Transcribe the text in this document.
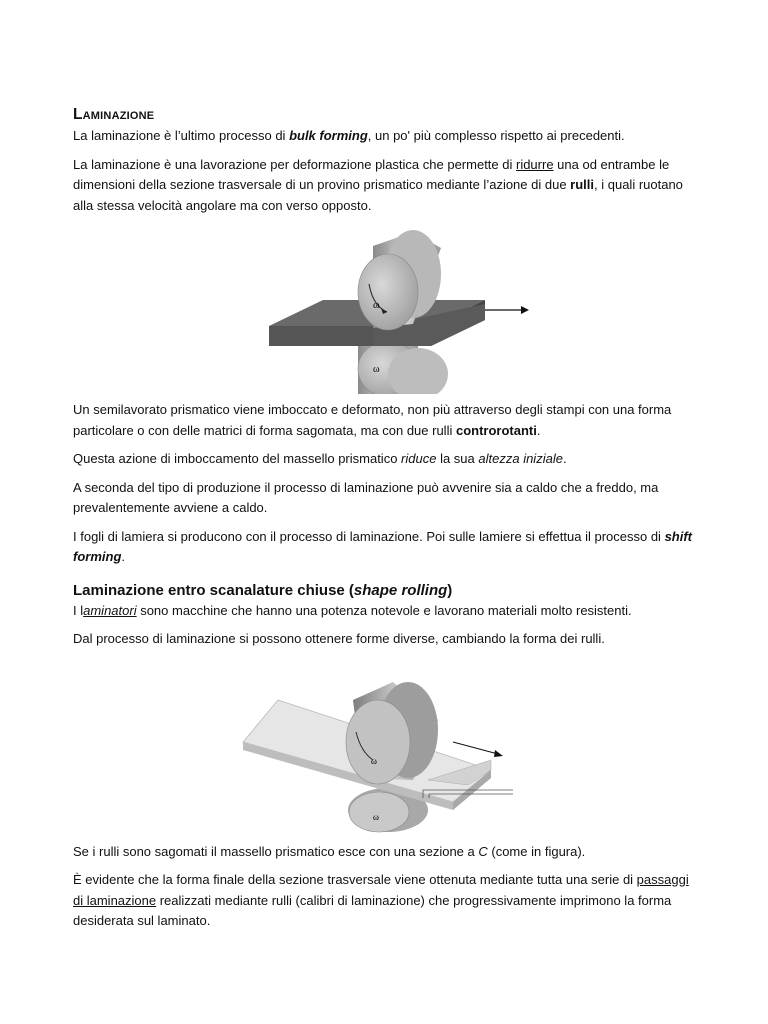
Laminazione

La laminazione è l’ultimo processo di bulk forming, un po' più complesso rispetto ai precedenti.

La laminazione è una lavorazione per deformazione plastica che permette di ridurre una od entrambe le dimensioni della sezione trasversale di un provino prismatico mediante l’azione di due rulli, i quali ruotano alla stessa velocità angolare ma con verso opposto.

ω
ω

Un semilavorato prismatico viene imboccato e deformato, non più attraverso degli stampi con una forma particolare o con delle matrici di forma sagomata, ma con due rulli controrotanti.

Questa azione di imboccamento del massello prismatico riduce la sua altezza iniziale.

A seconda del tipo di produzione il processo di laminazione può avvenire sia a caldo che a freddo, ma prevalentemente avviene a caldo.

I fogli di lamiera si producono con il processo di laminazione. Poi sulle lamiere si effettua il processo di shift forming.

Laminazione entro scanalature chiuse (shape rolling)

I laminatori sono macchine che hanno una potenza notevole e lavorano materiali molto resistenti.

Dal processo di laminazione si possono ottenere forme diverse, cambiando la forma dei rulli.

ω
ω

Se i rulli sono sagomati il massello prismatico esce con una sezione a C (come in figura).

È evidente che la forma finale della sezione trasversale viene ottenuta mediante tutta una serie di passaggi di laminazione realizzati mediante rulli (calibri di laminazione) che progressivamente imprimono la forma desiderata sul laminato.
